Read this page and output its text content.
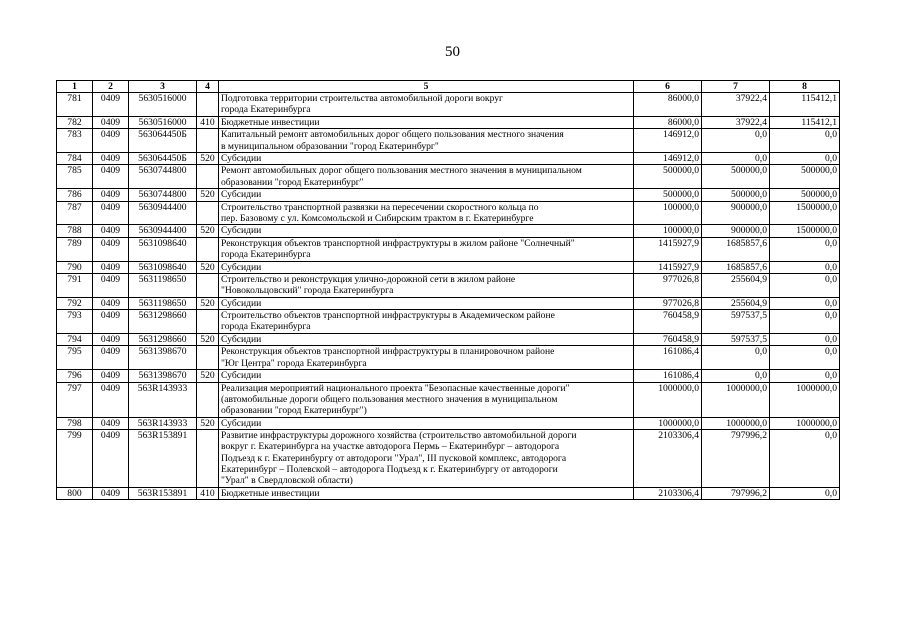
50
1	2	3	4	5	6	7	8
781	0409	5630516000		Подготовка территории строительства автомобильной дороги вокруг
города Екатеринбурга	86000,0	37922,4	115412,1
782	0409	5630516000	410	Бюджетные инвестиции	86000,0	37922,4	115412,1
783	0409	563064450Б		Капитальный ремонт автомобильных дорог общего пользования местного значения
в муниципальном образовании "город Екатеринбург"	146912,0	0,0	0,0
784	0409	563064450Б	520	Субсидии	146912,0	0,0	0,0
785	0409	5630744800		Ремонт автомобильных дорог общего пользования местного значения в муниципальном
образовании "город Екатеринбург"	500000,0	500000,0	500000,0
786	0409	5630744800	520	Субсидии	500000,0	500000,0	500000,0
787	0409	5630944400		Строительство транспортной развязки на пересечении скоростного кольца по
пер. Базовому с ул. Комсомольской и Сибирским трактом в г. Екатеринбурге	100000,0	900000,0	1500000,0
788	0409	5630944400	520	Субсидии	100000,0	900000,0	1500000,0
789	0409	5631098640		Реконструкция объектов транспортной инфраструктуры в жилом районе "Солнечный"
города Екатеринбурга	1415927,9	1685857,6	0,0
790	0409	5631098640	520	Субсидии	1415927,9	1685857,6	0,0
791	0409	5631198650		Строительство и реконструкция улично-дорожной сети в жилом районе
"Новокольцовский" города Екатеринбурга	977026,8	255604,9	0,0
792	0409	5631198650	520	Субсидии	977026,8	255604,9	0,0
793	0409	5631298660		Строительство объектов транспортной инфраструктуры в Академическом районе
города Екатеринбурга	760458,9	597537,5	0,0
794	0409	5631298660	520	Субсидии	760458,9	597537,5	0,0
795	0409	5631398670		Реконструкция объектов транспортной инфраструктуры в планировочном районе
"Юг Центра" города Екатеринбурга	161086,4	0,0	0,0
796	0409	5631398670	520	Субсидии	161086,4	0,0	0,0
797	0409	563R143933		Реализация мероприятий национального проекта "Безопасные качественные дороги"
(автомобильные дороги общего пользования местного значения в муниципальном
образовании "город Екатеринбург")	1000000,0	1000000,0	1000000,0
798	0409	563R143933	520	Субсидии	1000000,0	1000000,0	1000000,0
799	0409	563R153891		Развитие инфраструктуры дорожного хозяйства (строительство автомобильной дороги
вокруг г. Екатеринбурга на участке автодорога Пермь – Екатеринбург – автодорога
Подъезд к г. Екатеринбургу от автодороги "Урал", III пусковой комплекс, автодорога
Екатеринбург – Полевской – автодорога Подъезд к г. Екатеринбургу от автодороги
"Урал" в Свердловской области)	2103306,4	797996,2	0,0
800	0409	563R153891	410	Бюджетные инвестиции	2103306,4	797996,2	0,0
